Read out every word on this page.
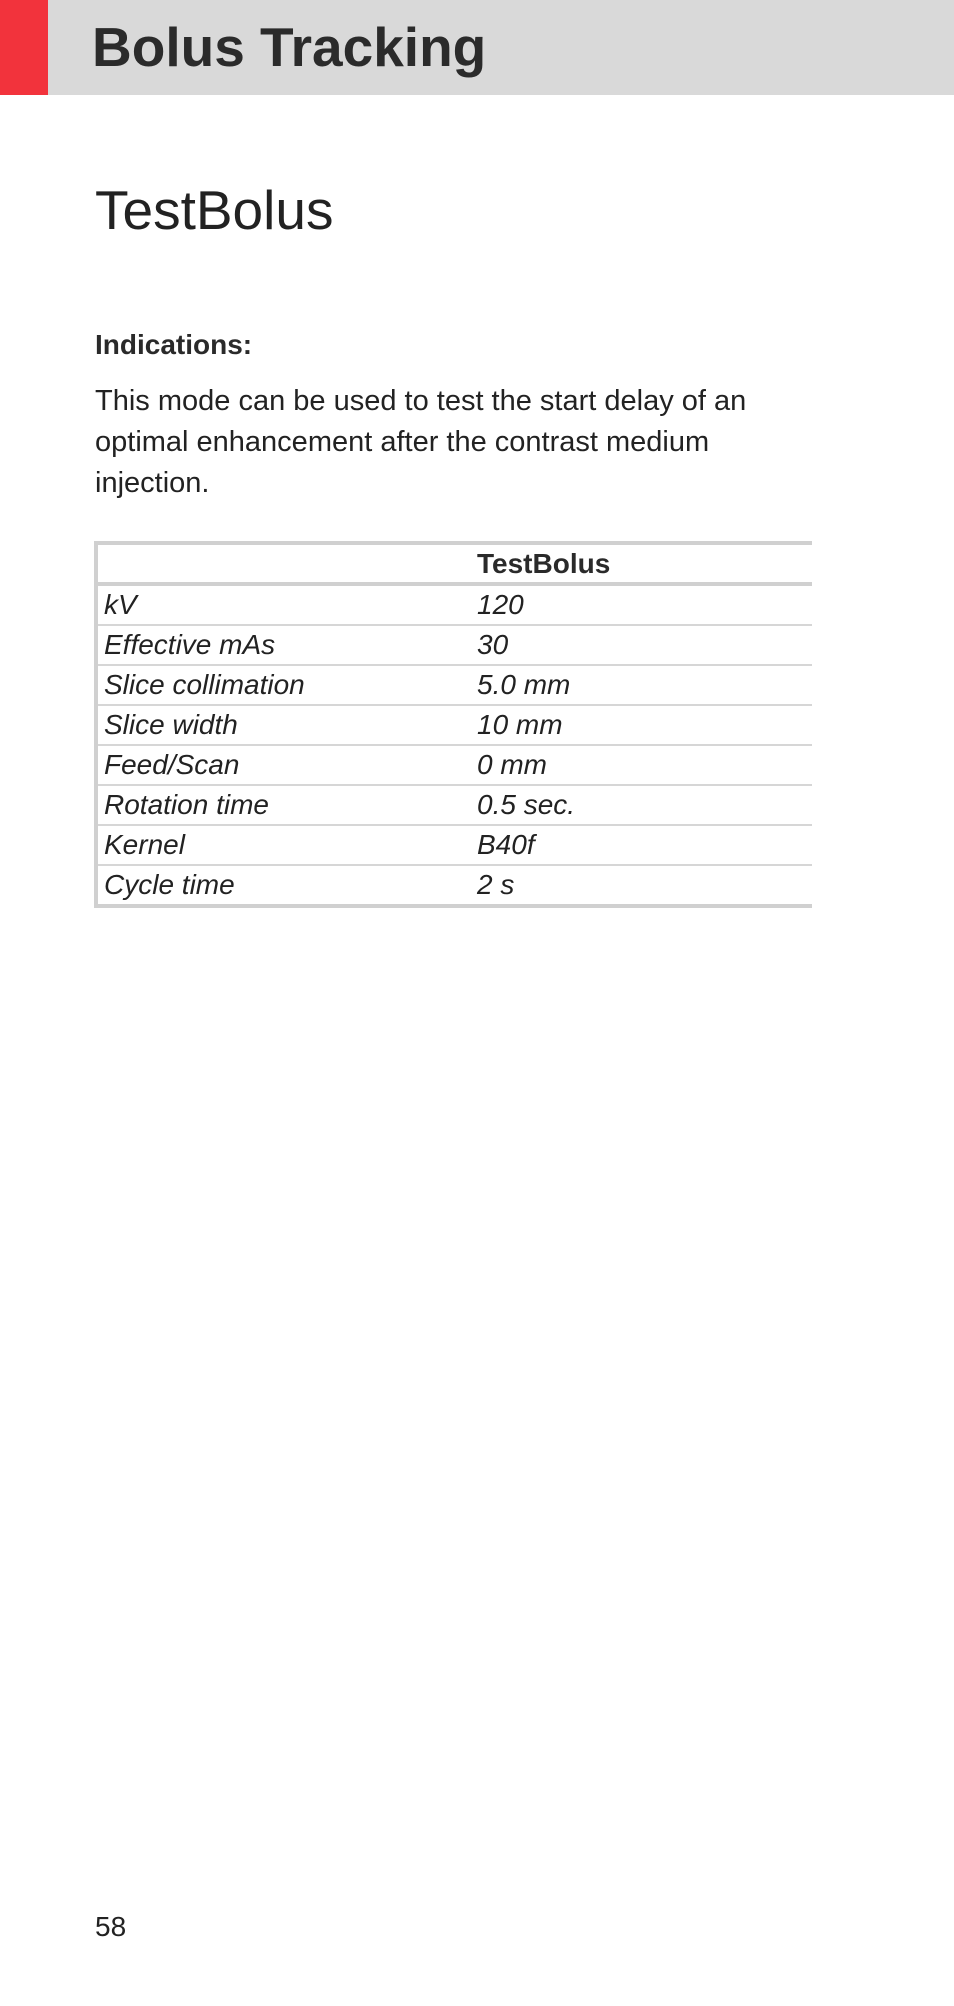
Bolus Tracking
TestBolus
Indications:

This mode can be used to test the start delay of an optimal enhancement after the contrast medium injection.

	TestBolus
kV	120
Effective mAs	30
Slice collimation	5.0 mm
Slice width	10 mm
Feed/Scan	0 mm
Rotation time	0.5 sec.
Kernel	B40f
Cycle time	2 s
58
